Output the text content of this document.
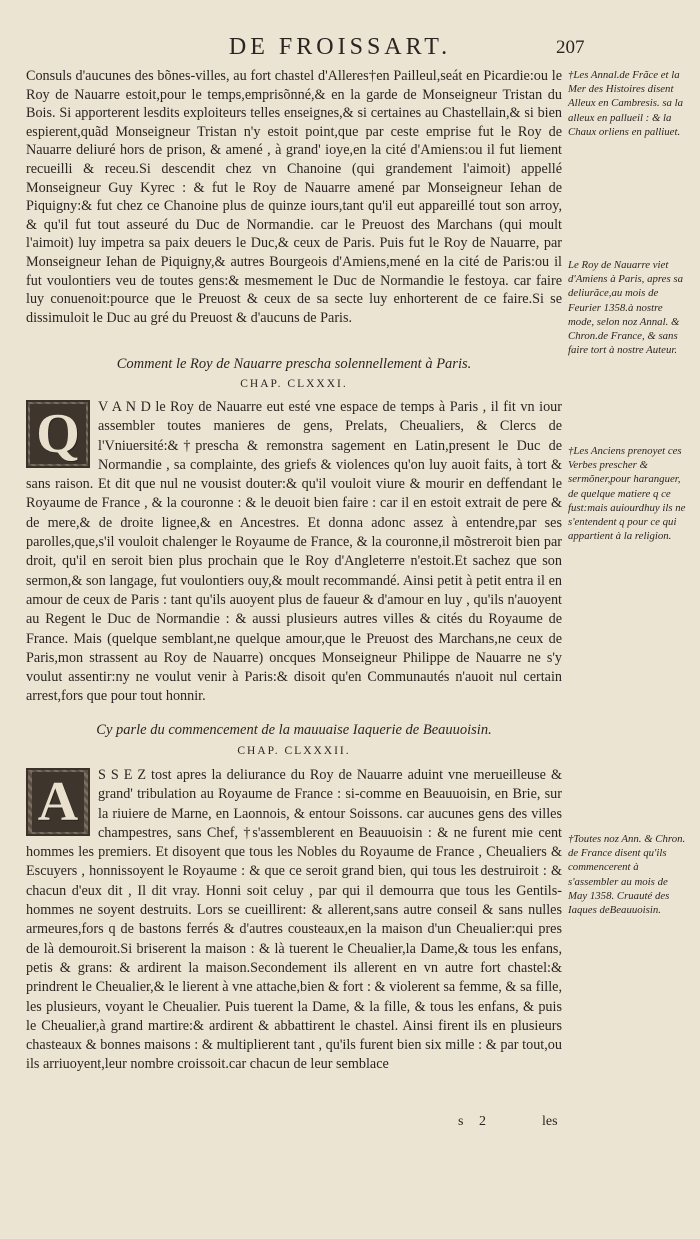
DE FROISSART.	207

Consuls d'aucunes des bõnes-villes, au fort chastel d'Alleres†en Pailleul,seát en Picardie:ou le Roy de Nauarre estoit,pour le temps,emprisõnné,& en la garde de Monseigneur Tristan du Bois. Si apporterent lesdits exploiteurs telles enseignes,& si certaines au Chastellain,& si bien espierent,quãd Monseigneur Tristan n'y estoit point,que par ceste emprise fut le Roy de Nauarre deliuré hors de prison, & amené , à grand' ioye,en la cité d'Amiens:ou il fut liement recueilli & receu.Si descendit chez vn Chanoine (qui grandement l'aimoit) appellé Monseigneur Guy Kyrec : & fut le Roy de Nauarre amené par Monseigneur Iehan de Piquigny:& fut chez ce Chanoine plus de quinze iours,tant qu'il eut appareillé tout son arroy, & qu'il fut tout asseuré du Duc de Normandie. car le Preuost des Marchans (qui moult l'aimoit) luy impetra sa paix deuers le Duc,& ceux de Paris. Puis fut le Roy de Nauarre, par Monseigneur Iehan de Piquigny,& autres Bourgeois d'Amiens,mené en la cité de Paris:ou il fut voulontiers veu de toutes gens:& mesmement le Duc de Normandie le festoya. car faire luy conuenoit:pource que le Preuost & ceux de sa secte luy enhorterent de ce faire.Si se dissimuloit le Duc au gré du Preuost & d'aucuns de Paris.

Comment le Roy de Nauarre prescha solennellement à Paris.
CHAP. CLXXXI.
Q	V A N D le Roy de Nauarre eut esté vne espace de temps à Paris , il fit vn iour assembler toutes manieres de gens, Prelats, Cheualiers, & Clercs de l'Vniuersité:&†prescha & remonstra sagement en Latin,present le Duc de Normandie , sa complainte, des griefs & violences qu'on luy auoit faits, à tort & sans raison. Et dit que nul ne vousist douter:& qu'il vouloit viure & mourir en deffendant le Royaume de France , & la couronne : & le deuoit bien faire : car il en estoit extrait de pere & de mere,& de droite lignee,& en Ancestres. Et donna adonc assez à entendre,par ses parolles,que,s'il vouloit chalenger le Royaume de France, & la couronne,il mõstreroit bien par droit, qu'il en seroit bien plus prochain que le Roy d'Angleterre n'estoit.Et sachez que son sermon,& son langage, fut voulontiers ouy,& moult recommandé. Ainsi petit à petit entra il en amour de ceux de Paris : tant qu'ils auoyent plus de faueur & d'amour en luy , qu'ils n'auoyent au Regent le Duc de Normandie : & aussi plusieurs autres villes & cités du Royaume de France. Mais (quelque semblant,ne quelque amour,que le Preuost des Marchans,ne ceux de Paris,mon strassent au Roy de Nauarre) oncques Monseigneur Philippe de Nauarre ne s'y voulut assentir:ny ne voulut venir à Paris:& disoit qu'en Communautés n'auoit nul certain arrest,fors que pour tout honnir.

Cy parle du commencement de la mauuaise Iaquerie de Beauuoisin.
CHAP. CLXXXII.
A	S S E Z tost apres la deliurance du Roy de Nauarre aduint vne merueilleuse & grand' tribulation au Royaume de France : si-comme en Beauuoisin, en Brie, sur la riuiere de Marne, en Laonnois, & entour Soissons. car aucunes gens des villes champestres, sans Chef, †s'assemblerent en Beauuoisin : & ne furent mie cent hommes les premiers. Et disoyent que tous les Nobles du Royaume de France , Cheualiers & Escuyers , honnissoyent le Royaume : & que ce seroit grand bien, qui tous les destruiroit : & chacun d'eux dit , Il dit vray. Honni soit celuy , par qui il demourra que tous les Gentils-hommes ne soyent destruits. Lors se cueillirent: & allerent,sans autre conseil & sans nulles armeures,fors q de bastons ferrés & d'autres cousteaux,en la maison d'un Cheualier:qui pres de là demouroit.Si briserent la maison : & là tuerent le Cheualier,la Dame,& tous les enfans, petis & grans: & ardirent la maison.Secondement ils allerent en vn autre fort chastel:& prindrent le Cheualier,& le lierent à vne attache,bien & fort : & violerent sa femme, & sa fille, les plusieurs, voyant le Cheualier. Puis tuerent la Dame, & la fille, & tous les enfans, & puis le Cheualier,à grand martire:& ardirent & abbattirent le chastel. Ainsi firent ils en plusieurs chasteaux & bonnes maisons : & multiplierent tant , qu'ils furent bien six mille : & par tout,ou ils arriuoyent,leur nombre croissoit.car chacun de leur semblace

†Les Annal.de Frãce et la Mer des Histoires disent Alleux en Cambresis. sa la alleux en pallueil : & la Chaux orliens en palliuet.
Le Roy de Nauarre viet d'Amiens à Paris, apres sa deliurãce,au mois de Feurier 1358.à nostre mode, selon noz Annal. & Chron.de France, & sans faire tort à nostre Auteur.
†Les Anciens prenoyet ces Verbes prescher & sermõner,pour haranguer, de quelque matiere q ce fust:mais auiourdhuy ils ne s'entendent q pour ce qui appartient à la religion.
†Toutes noz Ann. & Chron. de France disent qu'ils commencerent à s'assembler au mois de May 1358. Cruauté des Iaques deBeauuoisin.
s 2	les
